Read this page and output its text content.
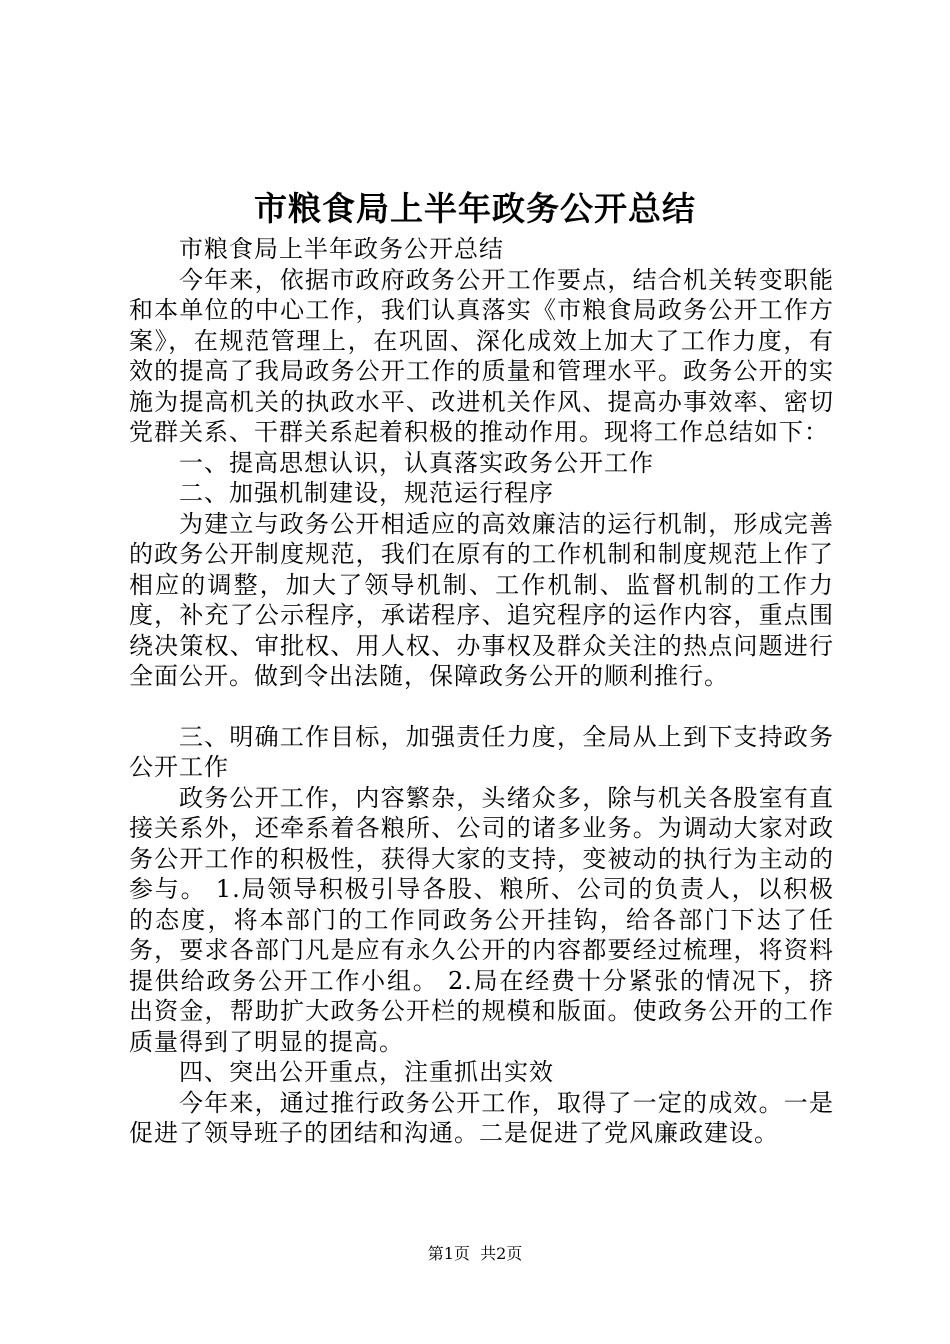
市粮食局上半年政务公开总结

市粮食局上半年政务公开总结

今年来，依据市政府政务公开工作要点，结合机关转变职能和本单位的中心工作，我们认真落实《市粮食局政务公开工作方案》，在规范管理上，在巩固、深化成效上加大了工作力度，有效的提高了我局政务公开工作的质量和管理水平。政务公开的实施为提高机关的执政水平、改进机关作风、提高办事效率、密切党群关系、干群关系起着积极的推动作用。现将工作总结如下：

一、提高思想认识，认真落实政务公开工作

二、加强机制建设，规范运行程序

为建立与政务公开相适应的高效廉洁的运行机制，形成完善的政务公开制度规范，我们在原有的工作机制和制度规范上作了相应的调整，加大了领导机制、工作机制、监督机制的工作力度，补充了公示程序，承诺程序、追究程序的运作内容，重点围绕决策权、审批权、用人权、办事权及群众关注的热点问题进行全面公开。做到令出法随，保障政务公开的顺利推行。

三、明确工作目标，加强责任力度，全局从上到下支持政务公开工作

政务公开工作，内容繁杂，头绪众多，除与机关各股室有直接关系外，还牵系着各粮所、公司的诸多业务。为调动大家对政务公开工作的积极性，获得大家的支持，变被动的执行为主动的参与。 1.局领导积极引导各股、粮所、公司的负责人，以积极的态度，将本部门的工作同政务公开挂钩，给各部门下达了任务，要求各部门凡是应有永久公开的内容都要经过梳理，将资料提供给政务公开工作小组。 2.局在经费十分紧张的情况下，挤出资金，帮助扩大政务公开栏的规模和版面。使政务公开的工作质量得到了明显的提高。

四、突出公开重点，注重抓出实效

今年来，通过推行政务公开工作，取得了一定的成效。一是促进了领导班子的团结和沟通。二是促进了党风廉政建设。

第1页  共2页
